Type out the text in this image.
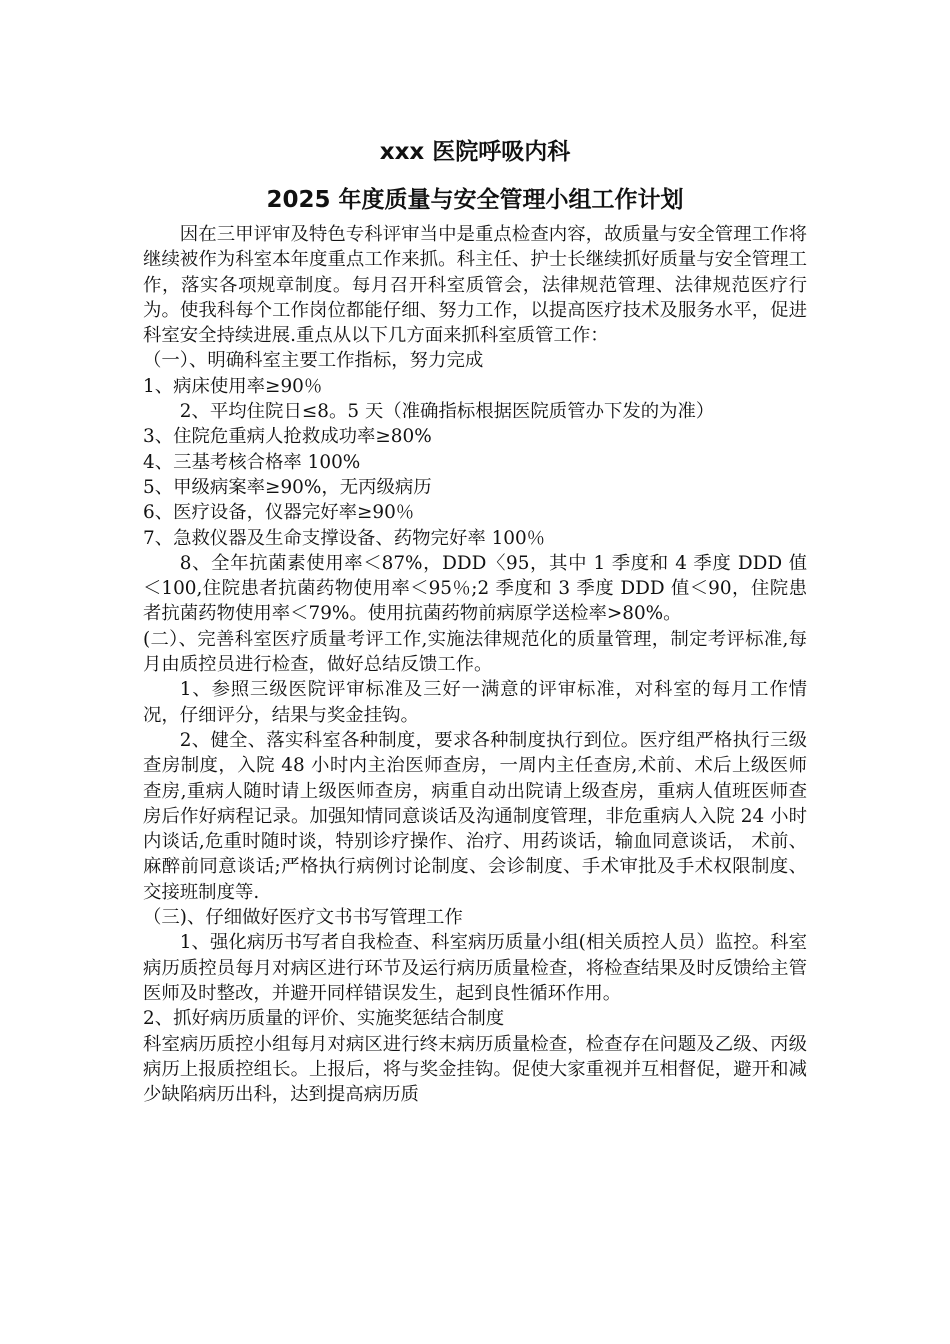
xxx 医院呼吸内科
2025 年度质量与安全管理小组工作计划

因在三甲评审及特色专科评审当中是重点检查内容，故质量与安全管理工作将继续被作为科室本年度重点工作来抓。科主任、护士长继续抓好质量与安全管理工作，落实各项规章制度。每月召开科室质管会，法律规范管理、法律规范医疗行为。使我科每个工作岗位都能仔细、努力工作，以提高医疗技术及服务水平，促进科室安全持续进展.重点从以下几方面来抓科室质管工作：

（一）、明确科室主要工作指标，努力完成

1、病床使用率≥90％

2、平均住院日≤8。5 天（准确指标根据医院质管办下发的为准）

3、住院危重病人抢救成功率≥80%

4、三基考核合格率 100%

5、甲级病案率≥90%，无丙级病历

6、医疗设备，仪器完好率≥90％

7、急救仪器及生命支撑设备、药物完好率 100％

8、全年抗菌素使用率＜87%，DDD〈95，其中 1 季度和 4 季度 DDD 值＜100,住院患者抗菌药物使用率＜95％;2 季度和 3 季度 DDD 值＜90，住院患者抗菌药物使用率＜79%。使用抗菌药物前病原学送检率>80%。

(二）、完善科室医疗质量考评工作,实施法律规范化的质量管理，制定考评标准,每月由质控员进行检查，做好总结反馈工作。

1、参照三级医院评审标准及三好一满意的评审标准，对科室的每月工作情况，仔细评分，结果与奖金挂钩。

2、健全、落实科室各种制度，要求各种制度执行到位。医疗组严格执行三级查房制度，入院 48 小时内主治医师查房，一周内主任查房,术前、术后上级医师查房,重病人随时请上级医师查房，病重自动出院请上级查房，重病人值班医师查房后作好病程记录。加强知情同意谈话及沟通制度管理，非危重病人入院 24 小时内谈话,危重时随时谈，特别诊疗操作、治疗、用药谈话，输血同意谈话， 术前、麻醉前同意谈话;严格执行病例讨论制度、会诊制度、手术审批及手术权限制度、交接班制度等.

（三)、仔细做好医疗文书书写管理工作

1、强化病历书写者自我检查、科室病历质量小组(相关质控人员）监控。科室病历质控员每月对病区进行环节及运行病历质量检查，将检查结果及时反馈给主管医师及时整改，并避开同样错误发生，起到良性循环作用。

2、抓好病历质量的评价、实施奖惩结合制度

科室病历质控小组每月对病区进行终末病历质量检查，检查存在问题及乙级、丙级病历上报质控组长。上报后，将与奖金挂钩。促使大家重视并互相督促，避开和减少缺陷病历出科，达到提高病历质
